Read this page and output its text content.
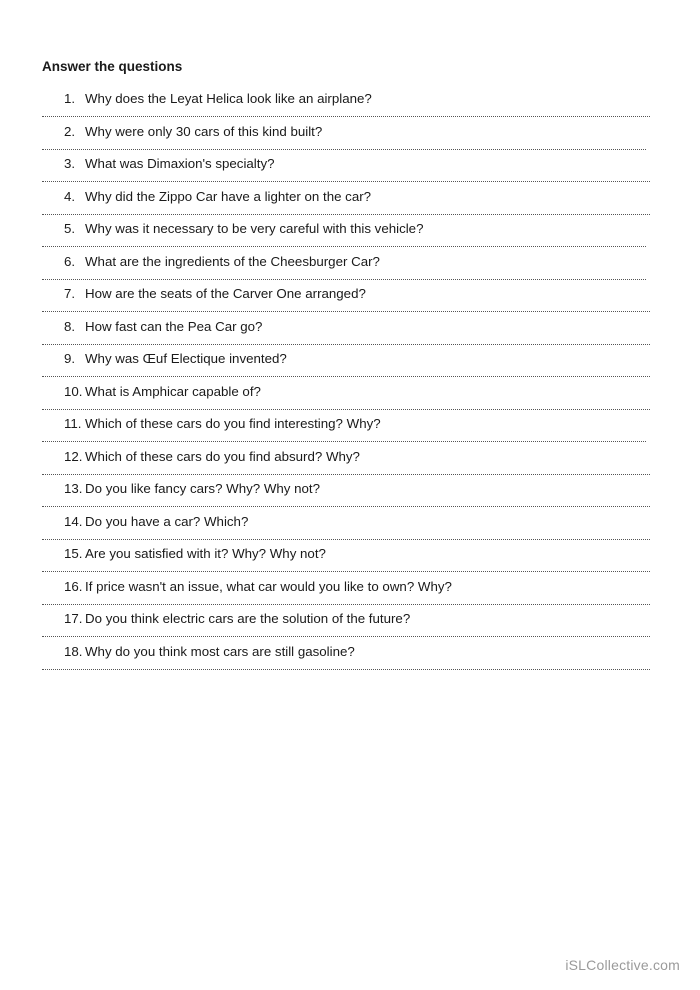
Answer the questions
1. Why does the Leyat Helica look like an airplane?
2. Why were only 30 cars of this kind built?
3. What was Dimaxion's specialty?
4. Why did the Zippo Car have a lighter on the car?
5. Why was it necessary to be very careful with this vehicle?
6. What are the ingredients of the Cheesburger Car?
7. How are the seats of the Carver One arranged?
8. How fast can the Pea Car go?
9. Why was Œuf Electique invented?
10. What is Amphicar capable of?
11. Which of these cars do you find interesting? Why?
12. Which of these cars do you find absurd? Why?
13. Do you like fancy cars? Why? Why not?
14. Do you have a car? Which?
15. Are you satisfied with it? Why? Why not?
16. If price wasn't an issue, what car would you like to own? Why?
17. Do you think electric cars are the solution of the future?
18. Why do you think most cars are still gasoline?
iSLCollective.com
